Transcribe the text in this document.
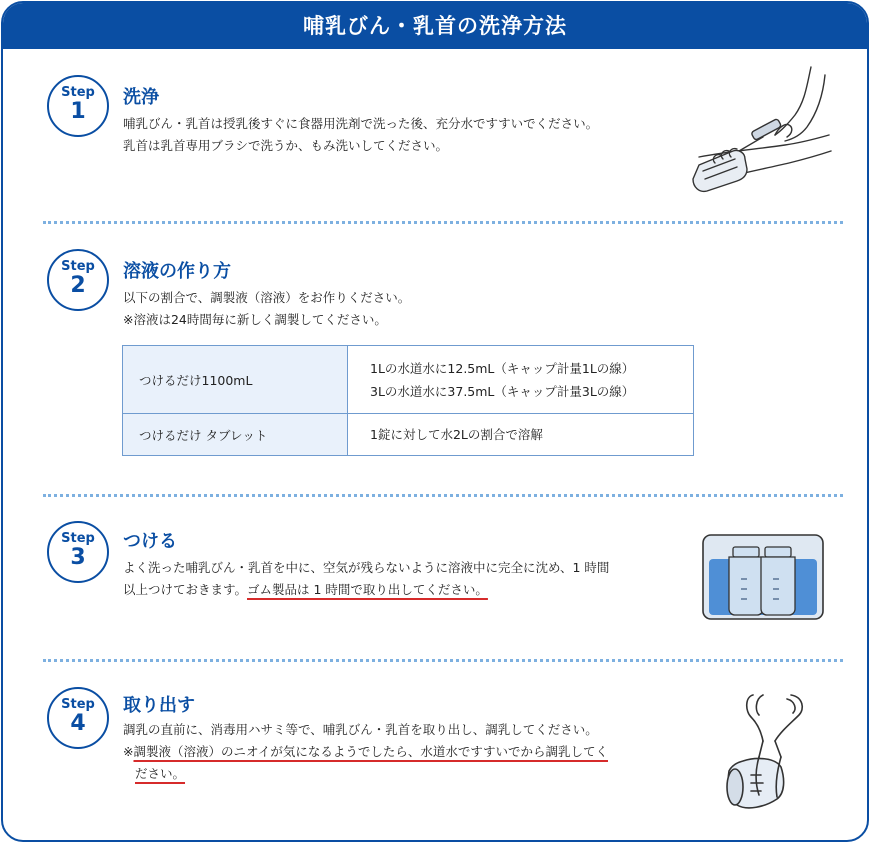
哺乳びん・乳首の洗浄方法
Step
1
洗浄

哺乳びん・乳首は授乳後すぐに食器用洗剤で洗った後、充分水ですすいでください。

乳首は乳首専用ブラシで洗うか、もみ洗いしてください。

Step
2
溶液の作り方

以下の割合で、調製液（溶液）をお作りください。

※溶液は24時間毎に新しく調製してください。

つけるだけ1100mL	1Lの水道水に12.5mL（キャップ計量1Lの線）

3Lの水道水に37.5mL（キャップ計量3Lの線）

つけるだけ タブレット	1錠に対して水2Lの割合で溶解

Step
3
つける

よく洗った哺乳びん・乳首を中に、空気が残らないように溶液中に完全に沈め、1 時間

以上つけておきます。ゴム製品は 1 時間で取り出してください。

Step
4
取り出す

調乳の直前に、消毒用ハサミ等で、哺乳びん・乳首を取り出し、調乳してください。

※調製液（溶液）のニオイが気になるようでしたら、水道水ですすいでから調乳してく

ださい。
